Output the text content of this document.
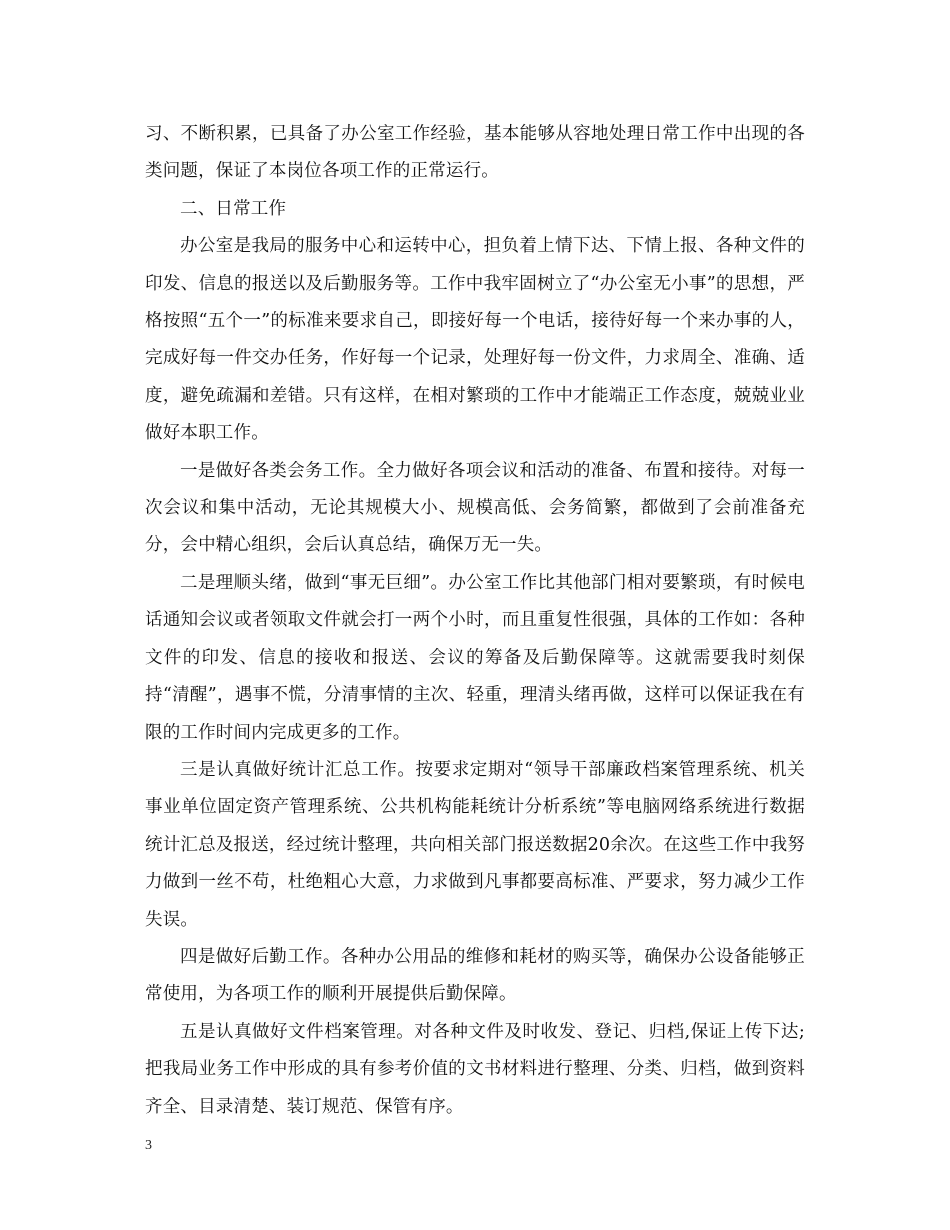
习、不断积累，已具备了办公室工作经验，基本能够从容地处理日常工作中出现的各类问题，保证了本岗位各项工作的正常运行。

二、日常工作

办公室是我局的服务中心和运转中心，担负着上情下达、下情上报、各种文件的印发、信息的报送以及后勤服务等。工作中我牢固树立了“办公室无小事”的思想，严格按照“五个一”的标准来要求自己，即接好每一个电话，接待好每一个来办事的人，完成好每一件交办任务，作好每一个记录，处理好每一份文件，力求周全、准确、适度，避免疏漏和差错。只有这样，在相对繁琐的工作中才能端正工作态度，兢兢业业做好本职工作。

一是做好各类会务工作。全力做好各项会议和活动的准备、布置和接待。对每一次会议和集中活动，无论其规模大小、规模高低、会务简繁，都做到了会前准备充分，会中精心组织，会后认真总结，确保万无一失。

二是理顺头绪，做到“事无巨细”。办公室工作比其他部门相对要繁琐，有时候电话通知会议或者领取文件就会打一两个小时，而且重复性很强，具体的工作如：各种文件的印发、信息的接收和报送、会议的筹备及后勤保障等。这就需要我时刻保持“清醒”，遇事不慌，分清事情的主次、轻重，理清头绪再做，这样可以保证我在有限的工作时间内完成更多的工作。

三是认真做好统计汇总工作。按要求定期对“领导干部廉政档案管理系统、机关事业单位固定资产管理系统、公共机构能耗统计分析系统”等电脑网络系统进行数据统计汇总及报送，经过统计整理，共向相关部门报送数据20余次。在这些工作中我努力做到一丝不苟，杜绝粗心大意，力求做到凡事都要高标准、严要求，努力减少工作失误。

四是做好后勤工作。各种办公用品的维修和耗材的购买等，确保办公设备能够正常使用，为各项工作的顺利开展提供后勤保障。

五是认真做好文件档案管理。对各种文件及时收发、登记、归档,保证上传下达;把我局业务工作中形成的具有参考价值的文书材料进行整理、分类、归档，做到资料齐全、目录清楚、装订规范、保管有序。

3
